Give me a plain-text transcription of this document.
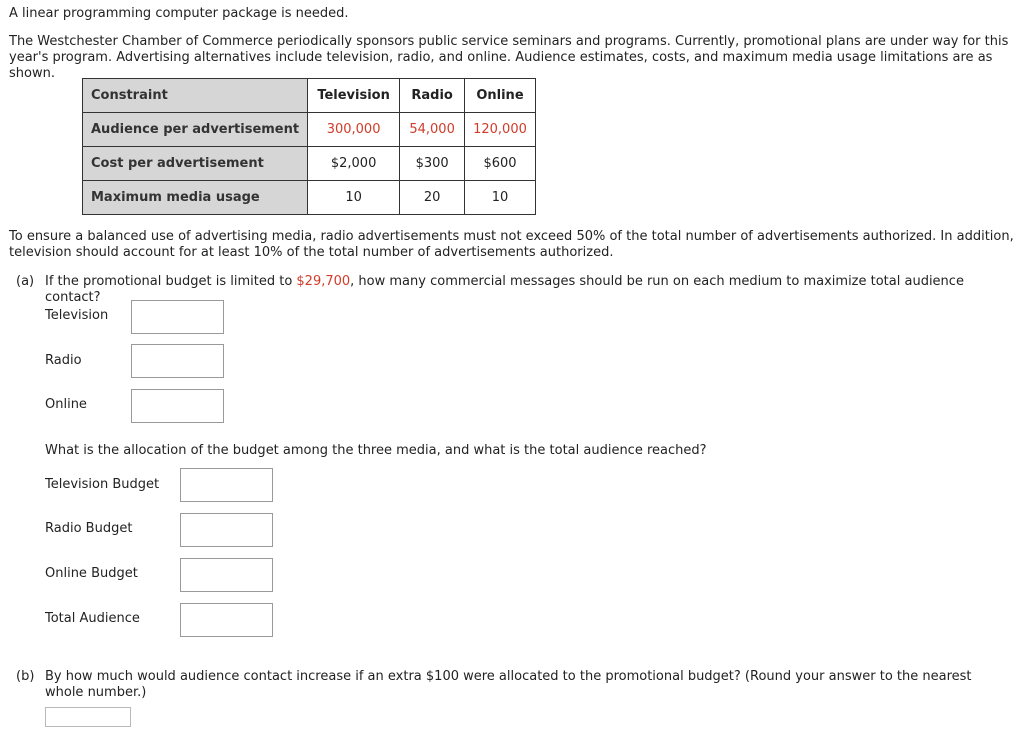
A linear programming computer package is needed.

The Westchester Chamber of Commerce periodically sponsors public service seminars and programs. Currently, promotional plans are under way for this year's program. Advertising alternatives include television, radio, and online. Audience estimates, costs, and maximum media usage limitations are as shown.

Constraint	Television	Radio	Online
Audience per advertisement	300,000	54,000	120,000
Cost per advertisement	$2,000	$300	$600
Maximum media usage	10	20	10

To ensure a balanced use of advertising media, radio advertisements must not exceed 50% of the total number of advertisements authorized. In addition, television should account for at least 10% of the total number of advertisements authorized.

(a) If the promotional budget is limited to $29,700, how many commercial messages should be run on each medium to maximize total audience contact?
Television
Radio
Online
What is the allocation of the budget among the three media, and what is the total audience reached?
Television Budget
Radio Budget
Online Budget
Total Audience
(b) By how much would audience contact increase if an extra $100 were allocated to the promotional budget? (Round your answer to the nearest whole number.)
